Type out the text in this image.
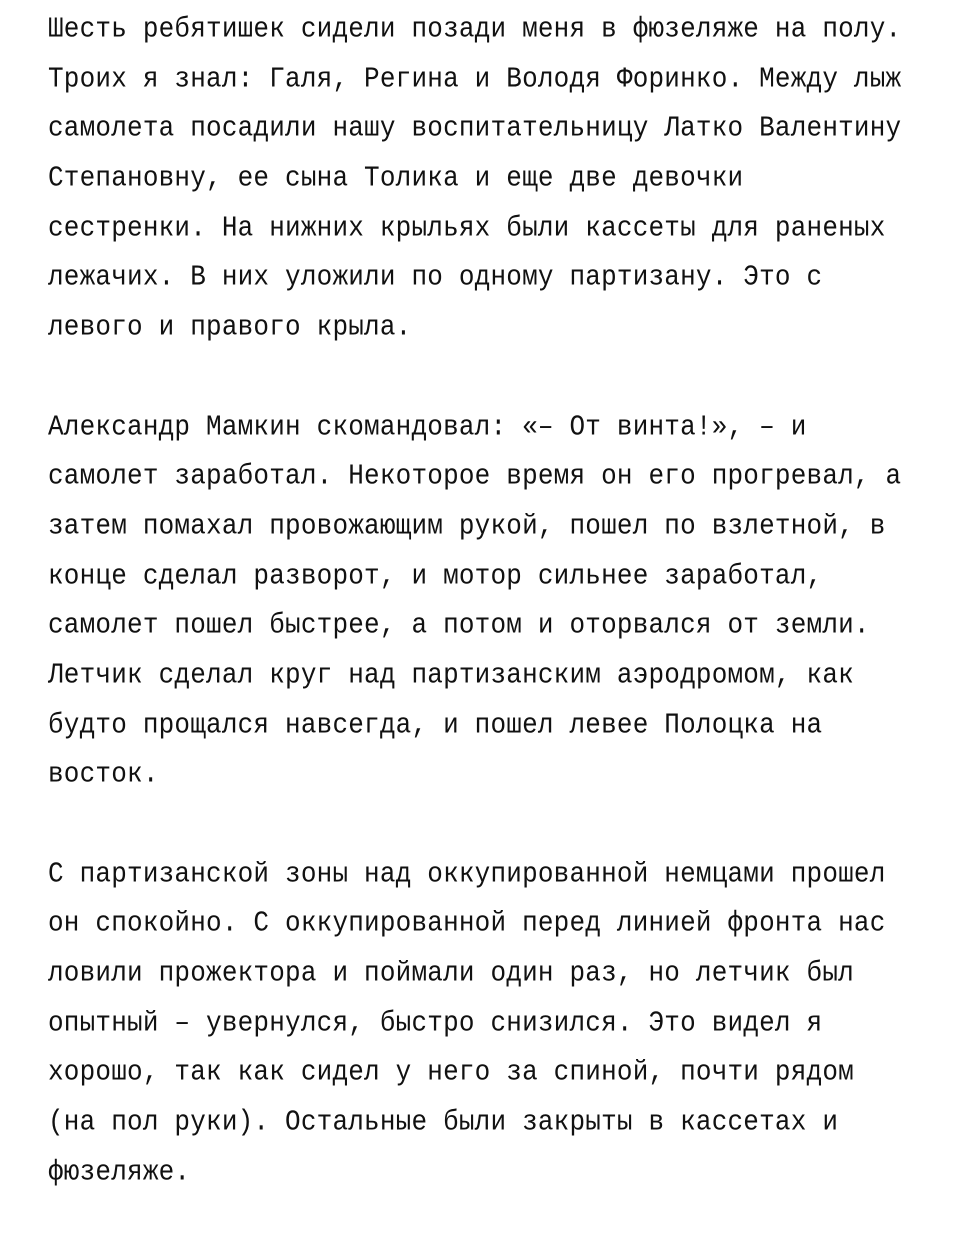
Шесть ребятишек сидели позади меня в фюзеляже на полу.
Троих я знал: Галя, Регина и Володя Форинко. Между лыж
самолета посадили нашу воспитательницу Латко Валентину
Степановну, ее сына Толика и еще две девочки
сестренки. На нижних крыльях были кассеты для раненых
лежачих. В них уложили по одному партизану. Это с
левого и правого крыла.
Александр Мамкин скомандовал: «– От винта!», – и
самолет заработал. Некоторое время он его прогревал, а
затем помахал провожающим рукой, пошел по взлетной, в
конце сделал разворот, и мотор сильнее заработал,
самолет пошел быстрее, а потом и оторвался от земли.
Летчик сделал круг над партизанским аэродромом, как
будто прощался навсегда, и пошел левее Полоцка на
восток.
С партизанской зоны над оккупированной немцами прошел
он спокойно. С оккупированной перед линией фронта нас
ловили прожектора и поймали один раз, но летчик был
опытный – увернулся, быстро снизился. Это видел я
хорошо, так как сидел у него за спиной, почти рядом
(на пол руки). Остальные были закрыты в кассетах и
фюзеляже.
